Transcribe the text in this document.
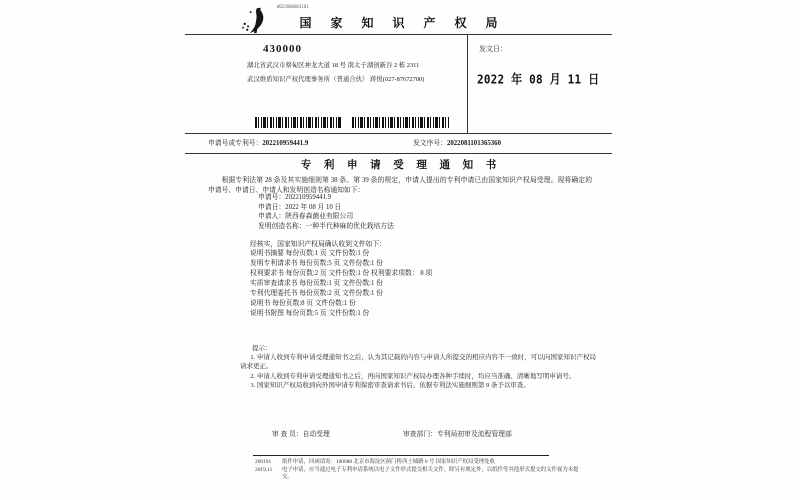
W022080803101
国 家 知 识 产 权 局
430000
湖北省武汉市蔡甸区神龙大道 18 号 南太子湖创新谷 2 栋 2311
武汉维盾知识产权代理事务所（普通合伙） 蒋悦(027-87672700)
发文日：
2022 年 08 月 11 日
申请号或专利号：202210959441.9	发文序号：2022081101365360
专 利 申 请 受 理 通 知 书
根据专利法第 28 条及其实施细则第 38 条、第 39 条的规定，申请人提出的专利申请已由国家知识产权局受理。现将确定的申请号、申请日、申请人和发明创造名称通知如下：
申请号：202210959441.9
申请日：2022 年 08 月 10 日
申请人：陕西春森菌业有限公司
发明创造名称：一种半代种麻的优化栽培方法
经核实，国家知识产权局确认收到文件如下：
说明书摘要 每份页数:1 页 文件份数:1 份
发明专利请求书 每份页数:5 页 文件份数:1 份
权利要求书 每份页数:2 页 文件份数:1 份 权利要求项数： 8 项
实质审查请求书 每份页数:1 页 文件份数:1 份
专利代理委托书 每份页数:2 页 文件份数:1 份
说明书 每份页数:8 页 文件份数:1 份
说明书附图 每份页数:5 页 文件份数:1 份
提示：
1. 申请人收到专利申请受理通知书之后，认为其记载的内容与申请人所提交的相应内容不一致时，可以向国家知识产权局请求更正。
2. 申请人收到专利申请受理通知书之后，再向国家知识产权局办理各种手续时，均应当准确、清晰地写明申请号。
3. 国家知识产权局收到向外国申请专利保密审查请求书后，依据专利法实施细则第 9 条予以审查。
审 查 员：自动受理	审查部门：专利局初审及流程管理部
200101
2019.11
纸件申请，回函请寄：100088 北京市海淀区蓟门桥西土城路 6 号 国家知识产权局受理处收
电子申请，应当通过电子专利申请系统以电子文件形式提交相关文件。除另有规定外，以纸件等其他形式提交的文件视为未提交。
